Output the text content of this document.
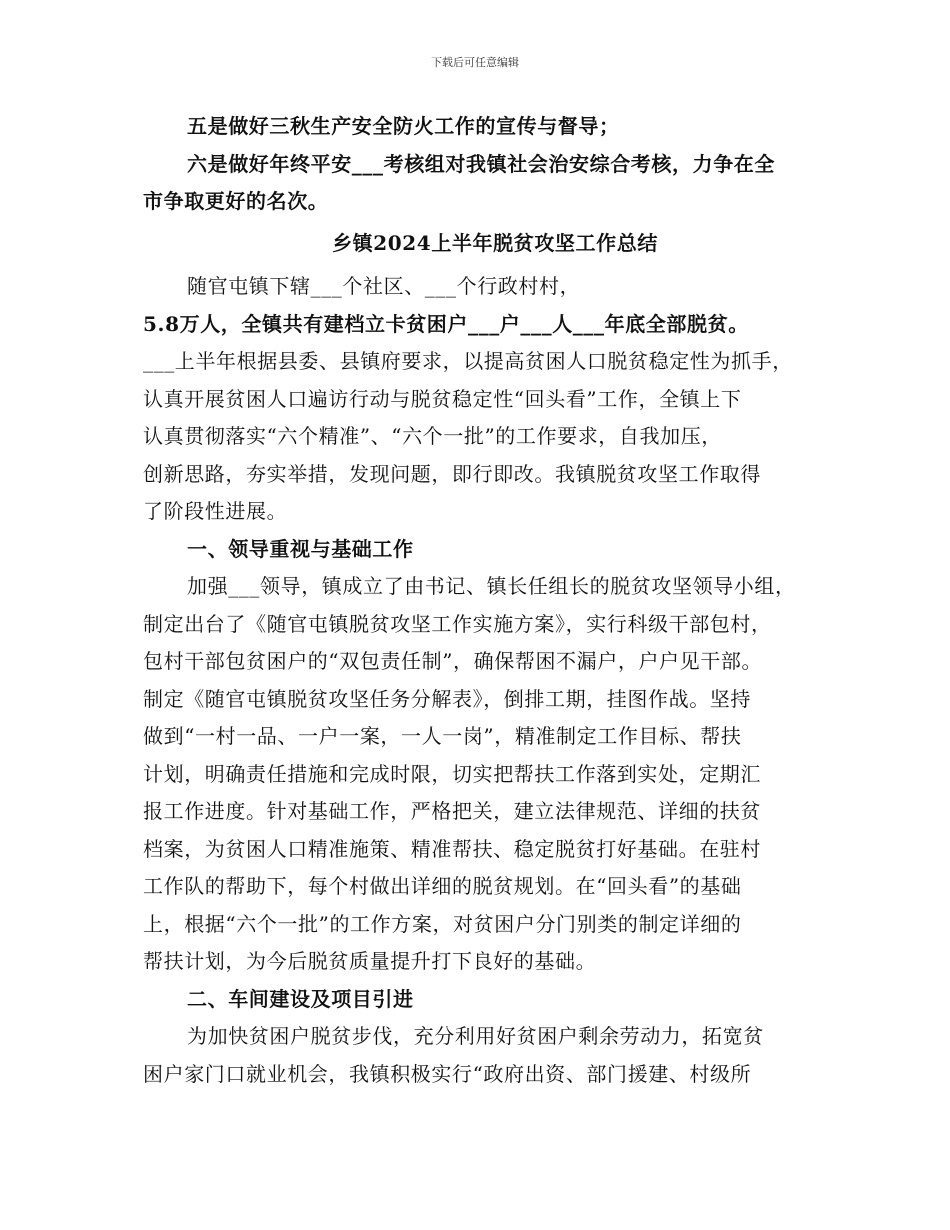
下载后可任意编辑
五是做好三秋生产安全防火工作的宣传与督导；
六是做好年终平安___考核组对我镇社会治安综合考核，力争在全
市争取更好的名次。
乡镇2024上半年脱贫攻坚工作总结
随官屯镇下辖___个社区、___个行政村村，
5.8万人，全镇共有建档立卡贫困户___户___人___年底全部脱贫。
___上半年根据县委、县镇府要求，以提高贫困人口脱贫稳定性为抓手，
认真开展贫困人口遍访行动与脱贫稳定性“回头看”工作，全镇上下
认真贯彻落实“六个精准”、“六个一批”的工作要求，自我加压，
创新思路，夯实举措，发现问题，即行即改。我镇脱贫攻坚工作取得
了阶段性进展。
一、领导重视与基础工作
加强___领导，镇成立了由书记、镇长任组长的脱贫攻坚领导小组，
制定出台了《随官屯镇脱贫攻坚工作实施方案》，实行科级干部包村，
包村干部包贫困户的“双包责任制”，确保帮困不漏户，户户见干部。
制定《随官屯镇脱贫攻坚任务分解表》，倒排工期，挂图作战。坚持
做到“一村一品、一户一案，一人一岗”，精准制定工作目标、帮扶
计划，明确责任措施和完成时限，切实把帮扶工作落到实处，定期汇
报工作进度。针对基础工作，严格把关，建立法律规范、详细的扶贫
档案，为贫困人口精准施策、精准帮扶、稳定脱贫打好基础。在驻村
工作队的帮助下，每个村做出详细的脱贫规划。在“回头看”的基础
上，根据“六个一批”的工作方案，对贫困户分门别类的制定详细的
帮扶计划，为今后脱贫质量提升打下良好的基础。
二、车间建设及项目引进
为加快贫困户脱贫步伐，充分利用好贫困户剩余劳动力，拓宽贫
困户家门口就业机会，我镇积极实行“政府出资、部门援建、村级所
